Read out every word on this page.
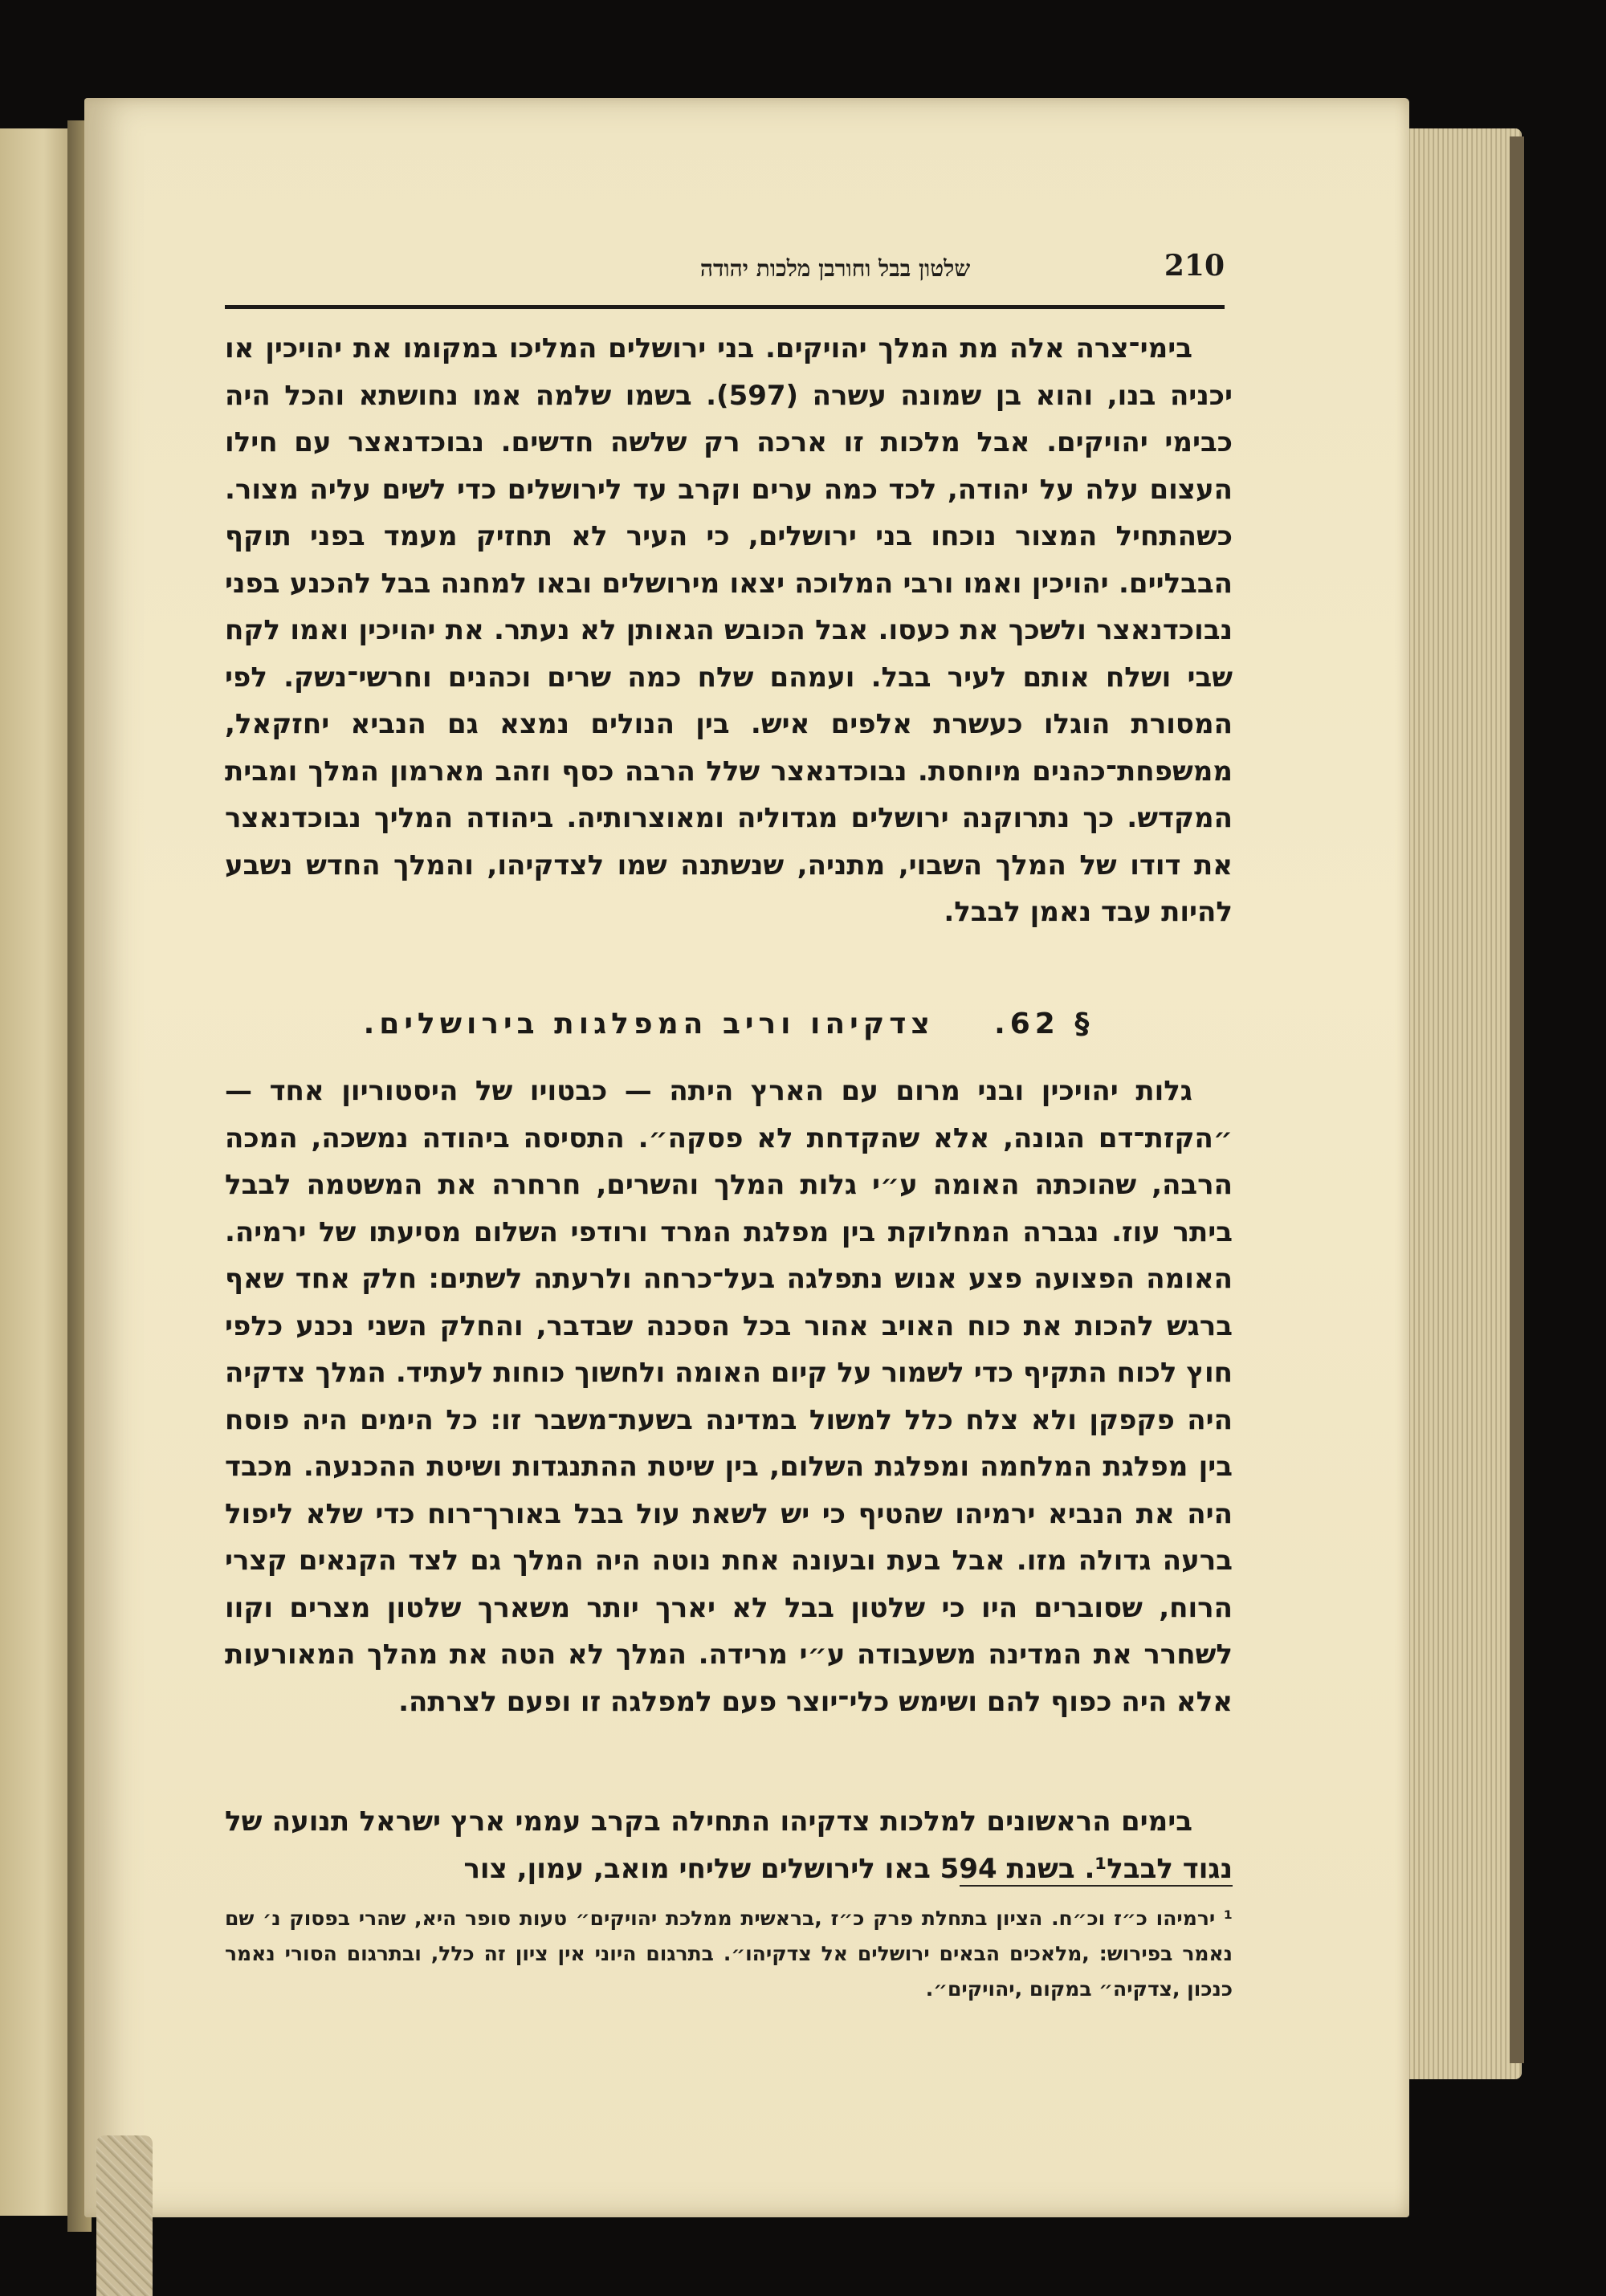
שלטון בבל וחורבן מלכות יהודה	210

בימי־צרה אלה מת המלך יהויקים. בני ירושלים המליכו במקומו את יהויכין או יכניה בנו, והוא בן שמונה עשרה (597). בשמו שלמה אמו נחושתא והכל היה כבימי יהויקים. אבל מלכות זו ארכה רק שלשה חדשים. נבוכדנאצר עם חילו העצום עלה על יהודה, לכד כמה ערים וקרב עד לירושלים כדי לשים עליה מצור. כשהתחיל המצור נוכחו בני ירושלים, כי העיר לא תחזיק מעמד בפני תוקף הבבליים. יהויכין ואמו ורבי המלוכה יצאו מירושלים ובאו למחנה בבל להכנע בפני נבוכדנאצר ולשכך את כעסו. אבל הכובש הגאותן לא נעתר. את יהויכין ואמו לקח שבי ושלח אותם לעיר בבל. ועמהם שלח כמה שרים וכהנים וחרשי־נשק. לפי המסורת הוגלו כעשרת אלפים איש. בין הנולים נמצא גם הנביא יחזקאל, ממשפחת־כהנים מיוחסת. נבוכדנאצר שלל הרבה כסף וזהב מארמון המלך ומבית המקדש. כך נתרוקנה ירושלים מגדוליה ומאוצרותיה. ביהודה המליך נבוכדנאצר את דודו של המלך השבוי, מתניה, שנשתנה שמו לצדקיהו, והמלך החדש נשבע להיות עבד נאמן לבבל.

§ 62.    צדקיהו וריב המפלגות בירושלים.

גלות יהויכין ובני מרום עם הארץ היתה — כבטויו של היסטוריון אחד — ״הקזת־דם הגונה, אלא שהקדחת לא פסקה״. התסיסה ביהודה נמשכה, המכה הרבה, שהוכתה האומה ע״י גלות המלך והשרים, חרחרה את המשטמה לבבל ביתר עוז. נגברה המחלוקת בין מפלגת המרד ורודפי השלום מסיעתו של ירמיה. האומה הפצועה פצע אנוש נתפלגה בעל־כרחה ולרעתה לשתים: חלק אחד שאף ברגש להכות את כוח האויב אהור בכל הסכנה שבדבר, והחלק השני נכנע כלפי חוץ לכוח התקיף כדי לשמור על קיום האומה ולחשוך כוחות לעתיד. המלך צדקיה היה פקפקן ולא צלח כלל למשול במדינה בשעת־משבר זו: כל הימים היה פוסח בין מפלגת המלחמה ומפלגת השלום, בין שיטת ההתנגדות ושיטת ההכנעה. מכבד היה את הנביא ירמיהו שהטיף כי יש לשאת עול בבל באורך־רוח כדי שלא ליפול ברעה גדולה מזו. אבל בעת ובעונה אחת נוטה היה המלך גם לצד הקנאים קצרי הרוח, שסוברים היו כי שלטון בבל לא יארך יותר משארך שלטון מצרים וקוו לשחרר את המדינה משעבודה ע״י מרידה. המלך לא הטה את מהלך המאורעות אלא היה כפוף להם ושימש כלי־יוצר פעם למפלגה זו ופעם לצרתה.

בימים הראשונים למלכות צדקיהו התחילה בקרב עממי ארץ ישראל תנועה של נגוד לבבל¹. בשנת 594 באו לירושלים שליחי מואב, עמון, צור

¹ ירמיהו כ״ז וכ״ח. הציון בתחלת פרק כ״ז ,בראשית ממלכת יהויקים״ טעות סופר היא, שהרי בפסוק נ׳ שם נאמר בפירוש: ,מלאכים הבאים ירושלים אל צדקיהו״. בתרגום היוני אין ציון זה כלל, ובתרגום הסורי נאמר כנכון ,צדקיה״ במקום ,יהויקים״.
